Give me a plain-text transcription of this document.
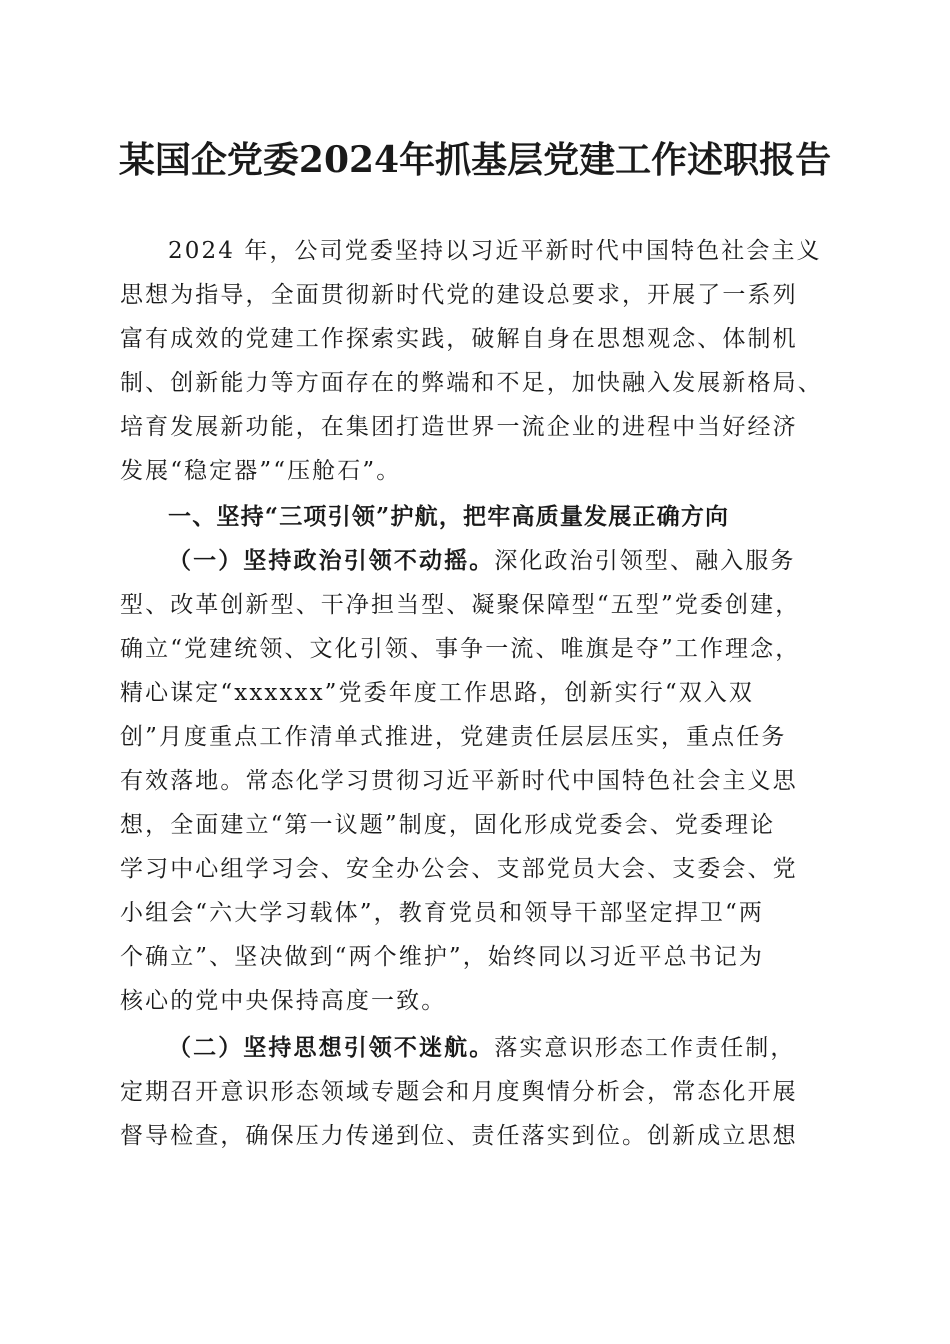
某国企党委2024年抓基层党建工作述职报告
2024 年，公司党委坚持以习近平新时代中国特色社会主义
思想为指导，全面贯彻新时代党的建设总要求，开展了一系列
富有成效的党建工作探索实践，破解自身在思想观念、体制机
制、创新能力等方面存在的弊端和不足，加快融入发展新格局、
培育发展新功能，在集团打造世界一流企业的进程中当好经济
发展“稳定器”“压舱石”。
一、坚持“三项引领”护航，把牢高质量发展正确方向
（一）坚持政治引领不动摇。深化政治引领型、融入服务
型、改革创新型、干净担当型、凝聚保障型“五型”党委创建，
确立“党建统领、文化引领、事争一流、唯旗是夺”工作理念，
精心谋定“xxxxxx”党委年度工作思路，创新实行“双入双
创”月度重点工作清单式推进，党建责任层层压实，重点任务
有效落地。常态化学习贯彻习近平新时代中国特色社会主义思
想，全面建立“第一议题”制度，固化形成党委会、党委理论
学习中心组学习会、安全办公会、支部党员大会、支委会、党
小组会“六大学习载体”，教育党员和领导干部坚定捍卫“两
个确立”、坚决做到“两个维护”，始终同以习近平总书记为
核心的党中央保持高度一致。
（二）坚持思想引领不迷航。落实意识形态工作责任制，
定期召开意识形态领域专题会和月度舆情分析会，常态化开展
督导检查，确保压力传递到位、责任落实到位。创新成立思想
